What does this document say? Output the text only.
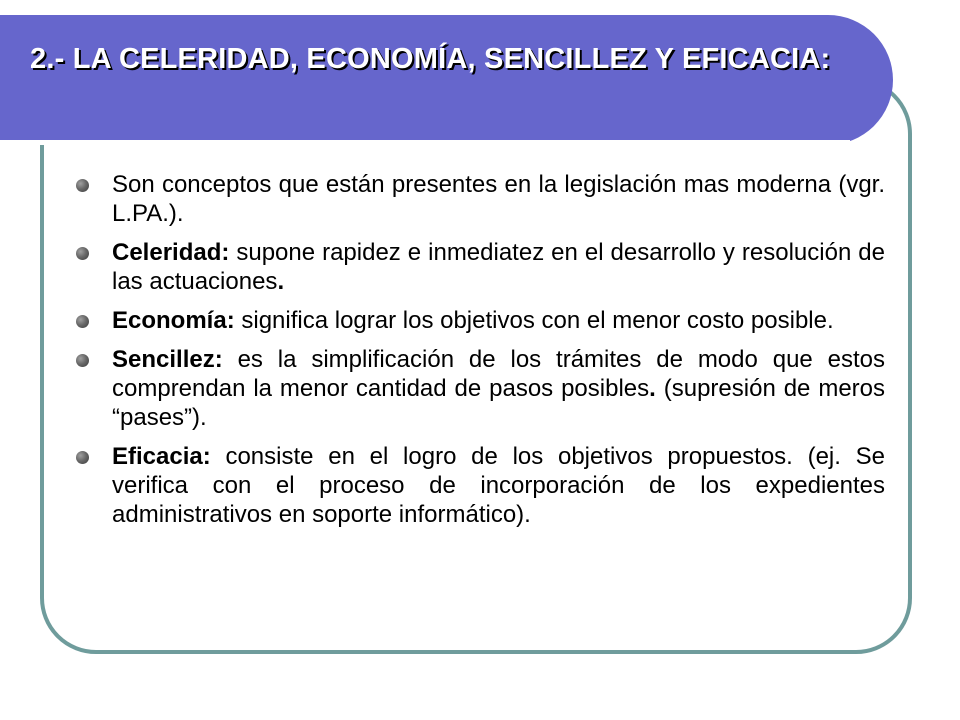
2.- LA CELERIDAD, ECONOMÍA, SENCILLEZ Y EFICACIA:
Son conceptos que están presentes en la legislación mas moderna (vgr. L.PA.).
Celeridad: supone rapidez e inmediatez en el desarrollo y resolución de las actuaciones.
Economía: significa lograr los objetivos con el menor costo posible.
Sencillez: es la simplificación de los trámites de modo que estos comprendan la menor cantidad de pasos posibles. (supresión de meros “pases”).
Eficacia: consiste en el logro de los objetivos propuestos. (ej. Se verifica con el proceso de incorporación de los expedientes administrativos en soporte informático).
